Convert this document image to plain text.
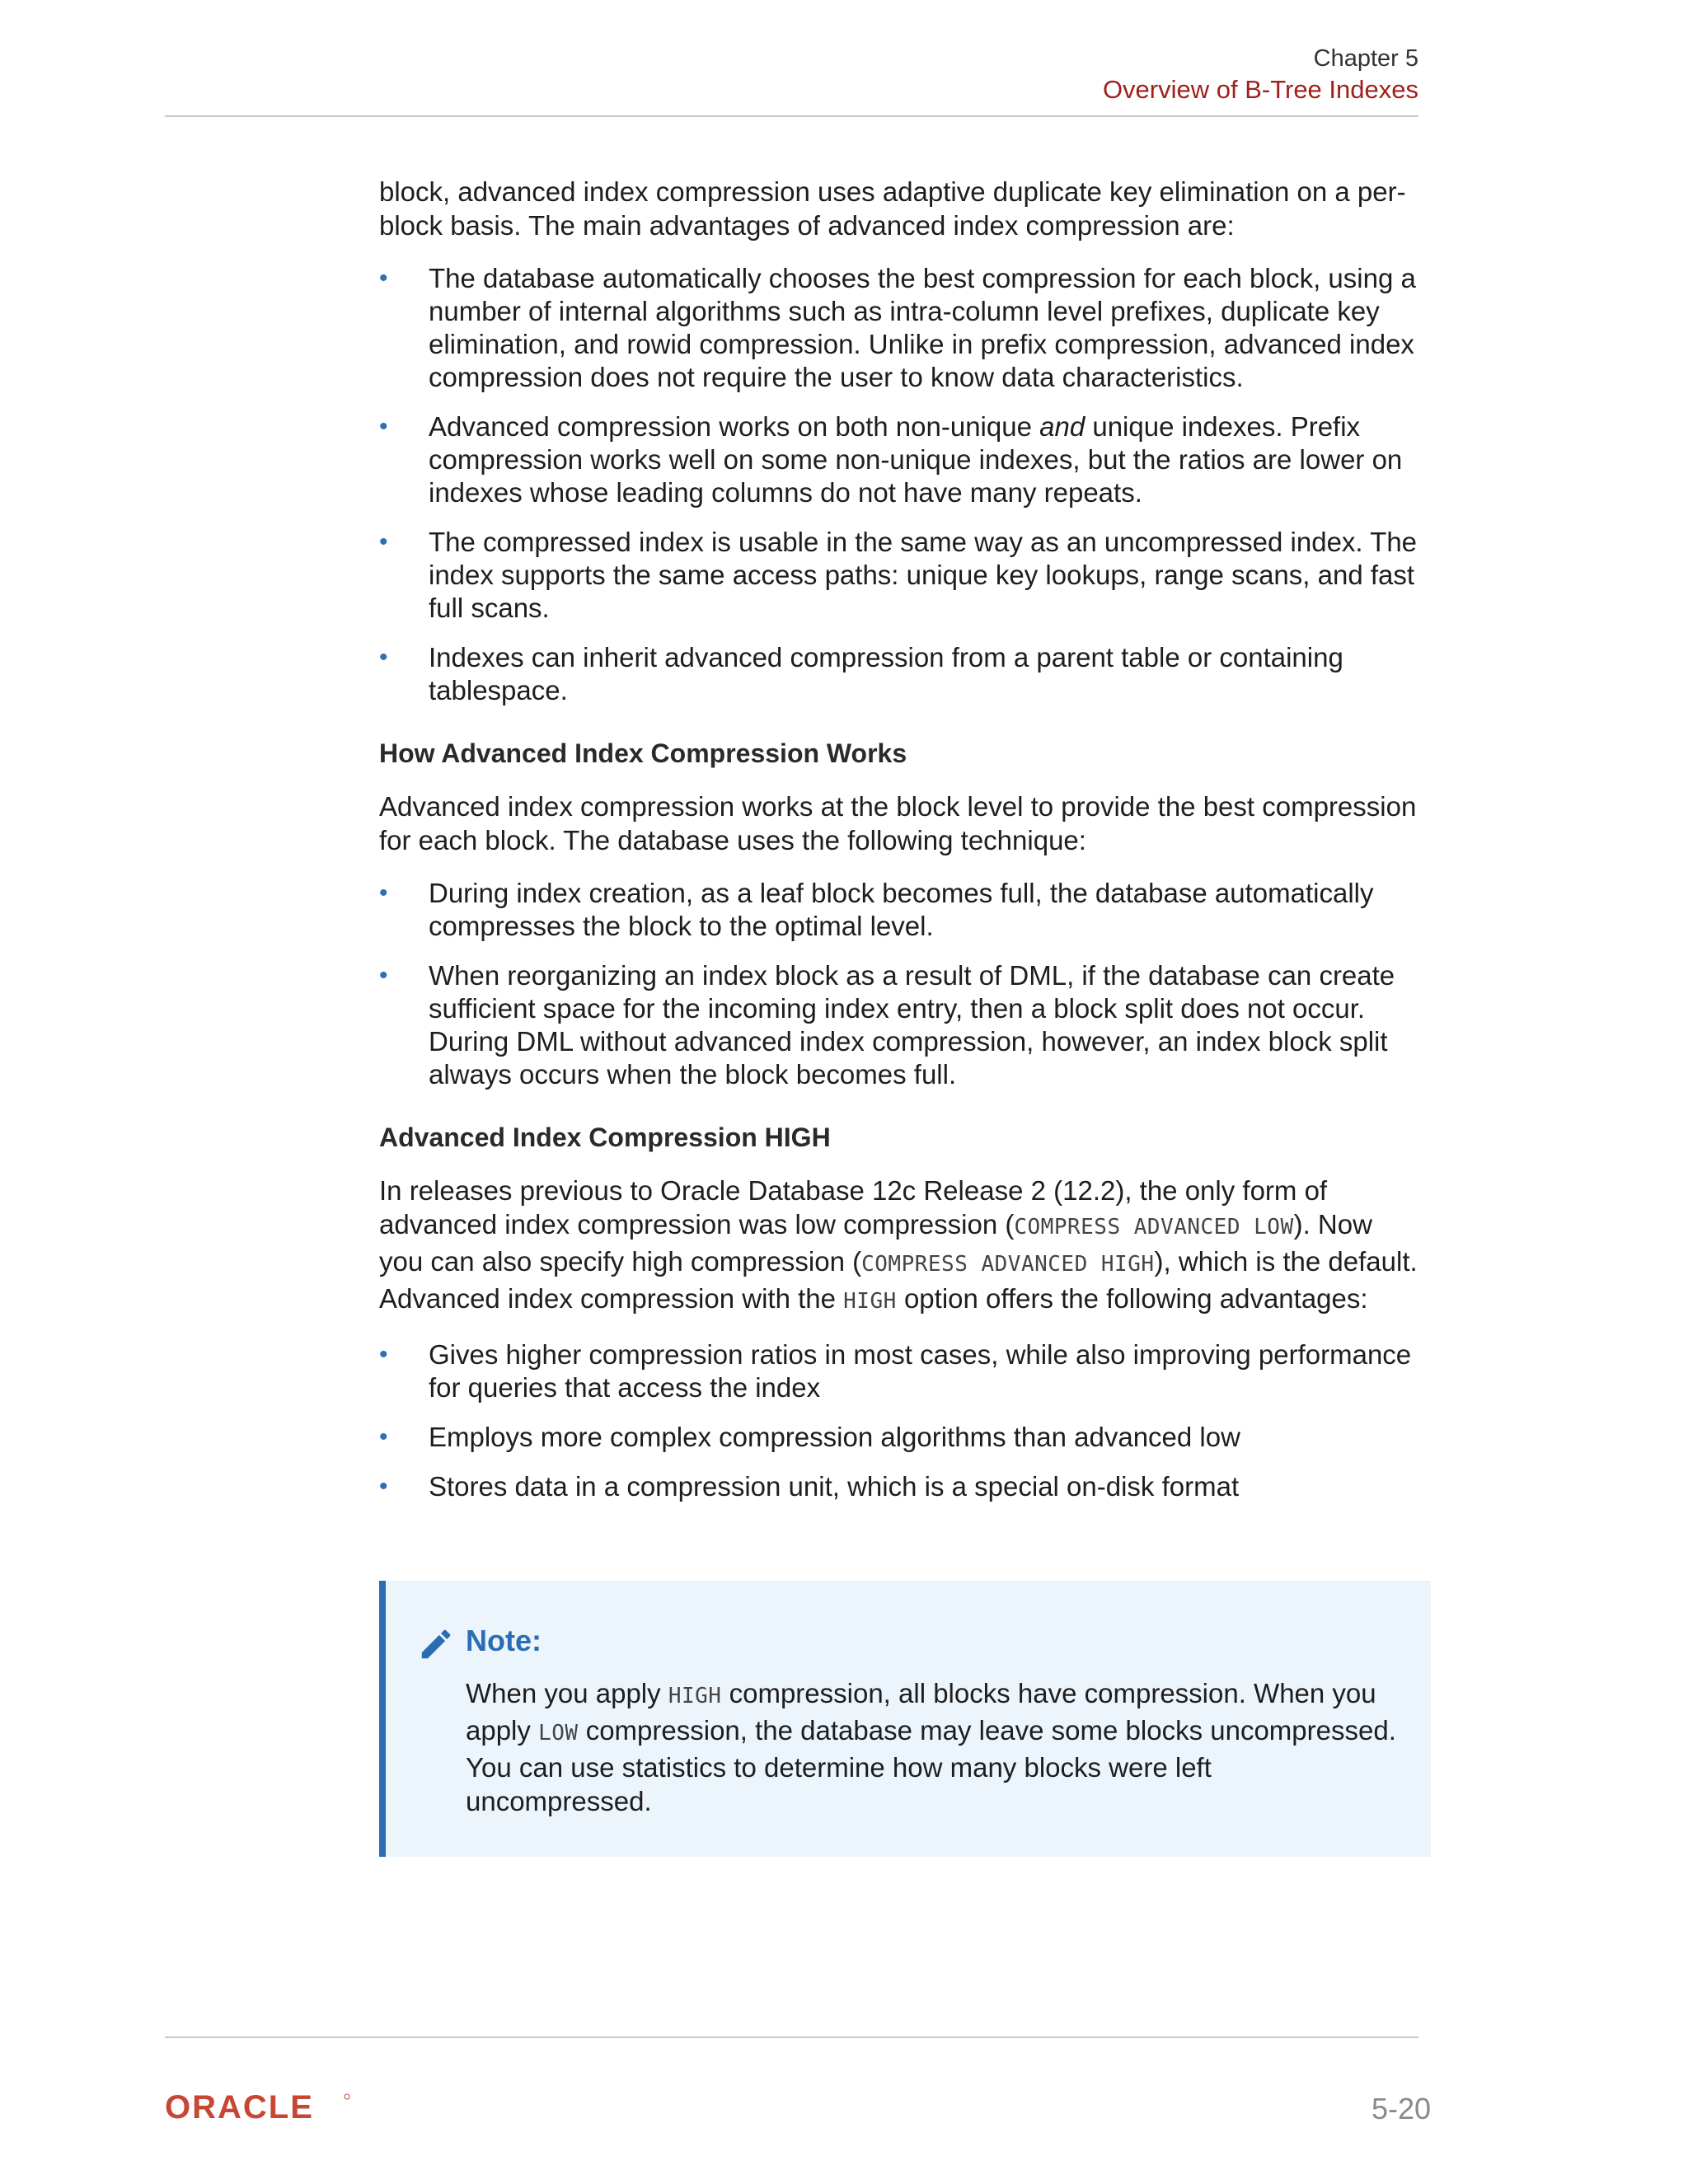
Chapter 5
Overview of B-Tree Indexes

block, advanced index compression uses adaptive duplicate key elimination on a per-block basis. The main advantages of advanced index compression are:

• The database automatically chooses the best compression for each block, using a number of internal algorithms such as intra-column level prefixes, duplicate key elimination, and rowid compression. Unlike in prefix compression, advanced index compression does not require the user to know data characteristics.
• Advanced compression works on both non-unique and unique indexes. Prefix compression works well on some non-unique indexes, but the ratios are lower on indexes whose leading columns do not have many repeats.
• The compressed index is usable in the same way as an uncompressed index. The index supports the same access paths: unique key lookups, range scans, and fast full scans.
• Indexes can inherit advanced compression from a parent table or containing tablespace.
How Advanced Index Compression Works

Advanced index compression works at the block level to provide the best compression for each block. The database uses the following technique:

• During index creation, as a leaf block becomes full, the database automatically compresses the block to the optimal level.
• When reorganizing an index block as a result of DML, if the database can create sufficient space for the incoming index entry, then a block split does not occur. During DML without advanced index compression, however, an index block split always occurs when the block becomes full.
Advanced Index Compression HIGH

In releases previous to Oracle Database 12c Release 2 (12.2), the only form of advanced index compression was low compression (COMPRESS ADVANCED LOW). Now you can also specify high compression (COMPRESS ADVANCED HIGH), which is the default. Advanced index compression with the HIGH option offers the following advantages:

• Gives higher compression ratios in most cases, while also improving performance for queries that access the index
• Employs more complex compression algorithms than advanced low
• Stores data in a compression unit, which is a special on-disk format
Note:
When you apply HIGH compression, all blocks have compression. When you apply LOW compression, the database may leave some blocks uncompressed. You can use statistics to determine how many blocks were left uncompressed.
ORACLE	5-20
